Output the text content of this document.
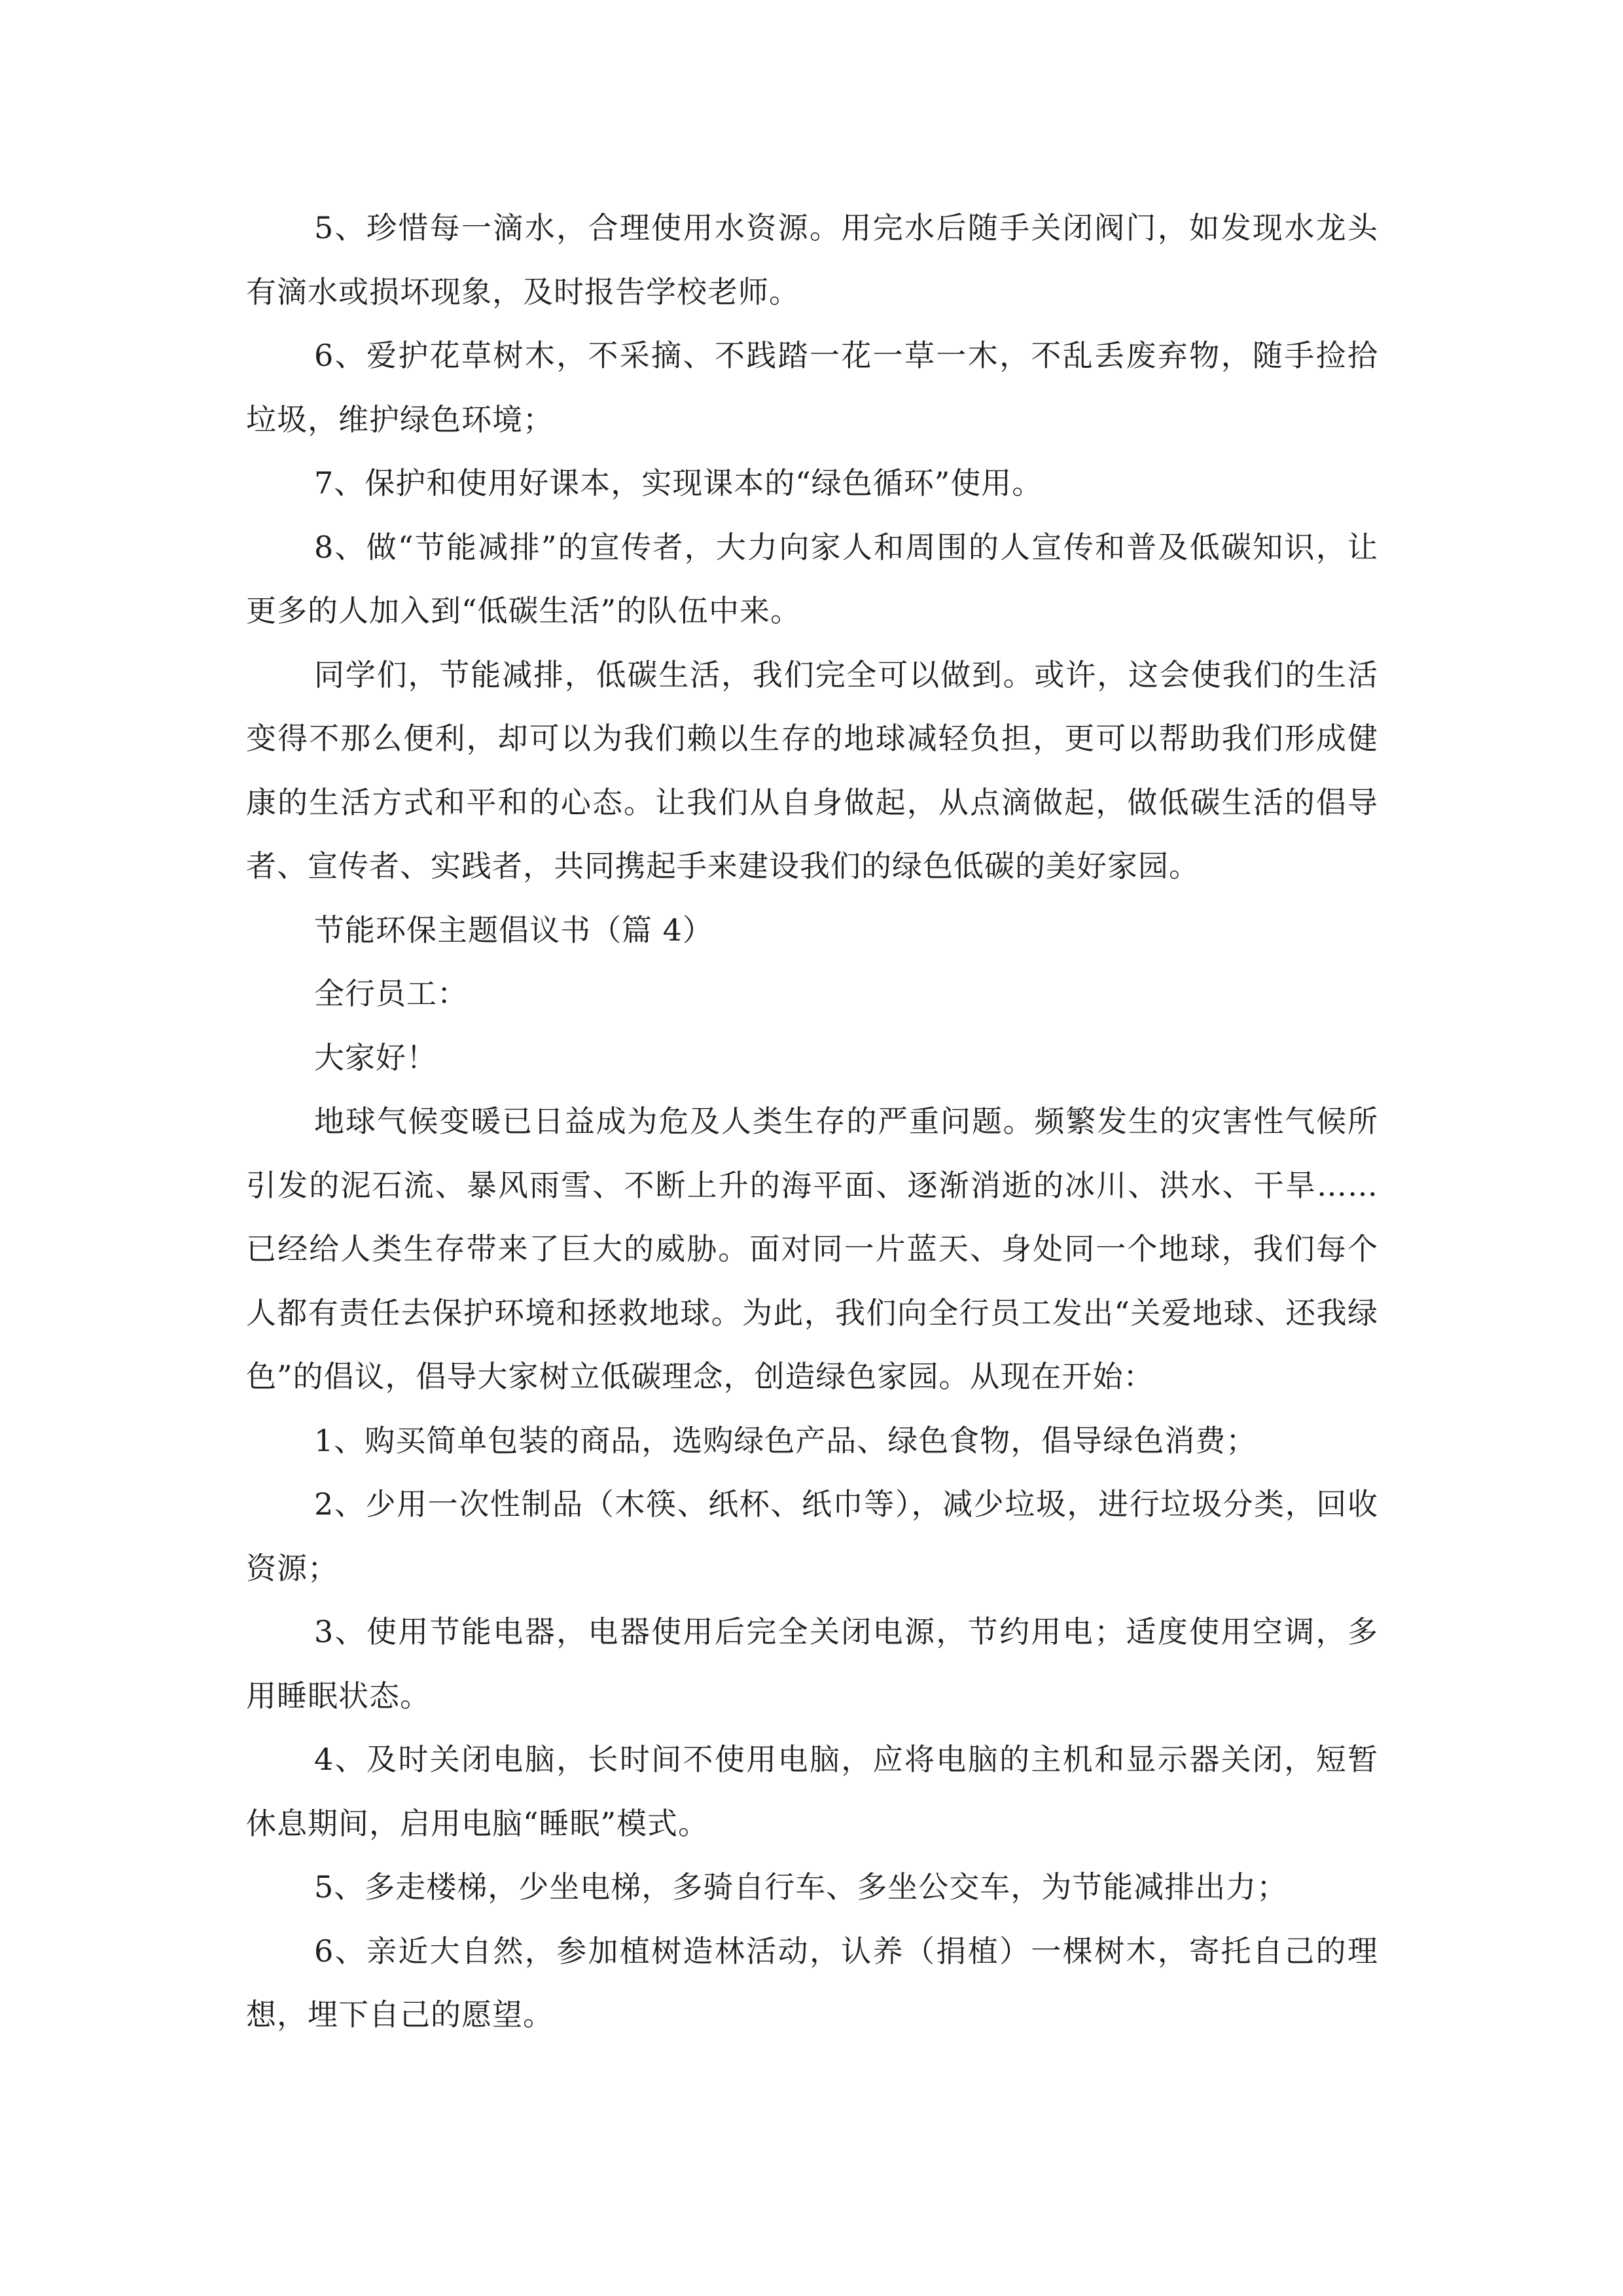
5、珍惜每一滴水，合理使用水资源。用完水后随手关闭阀门，如发现水龙头有滴水或损坏现象，及时报告学校老师。

6、爱护花草树木，不采摘、不践踏一花一草一木，不乱丢废弃物，随手捡拾垃圾，维护绿色环境；

7、保护和使用好课本，实现课本的“绿色循环”使用。

8、做“节能减排”的宣传者，大力向家人和周围的人宣传和普及低碳知识，让更多的人加入到“低碳生活”的队伍中来。

同学们，节能减排，低碳生活，我们完全可以做到。或许，这会使我们的生活变得不那么便利，却可以为我们赖以生存的地球减轻负担，更可以帮助我们形成健康的生活方式和平和的心态。让我们从自身做起，从点滴做起，做低碳生活的倡导者、宣传者、实践者，共同携起手来建设我们的绿色低碳的美好家园。

节能环保主题倡议书（篇 4）

全行员工：

大家好！

地球气候变暖已日益成为危及人类生存的严重问题。频繁发生的灾害性气候所引发的泥石流、暴风雨雪、不断上升的海平面、逐渐消逝的冰川、洪水、干旱……已经给人类生存带来了巨大的威胁。面对同一片蓝天、身处同一个地球，我们每个人都有责任去保护环境和拯救地球。为此，我们向全行员工发出“关爱地球、还我绿色”的倡议，倡导大家树立低碳理念，创造绿色家园。从现在开始：

1、购买简单包装的商品，选购绿色产品、绿色食物，倡导绿色消费；

2、少用一次性制品（木筷、纸杯、纸巾等），减少垃圾，进行垃圾分类，回收资源；

3、使用节能电器，电器使用后完全关闭电源，节约用电；适度使用空调，多用睡眠状态。

4、及时关闭电脑，长时间不使用电脑，应将电脑的主机和显示器关闭，短暂休息期间，启用电脑“睡眠”模式。

5、多走楼梯，少坐电梯，多骑自行车、多坐公交车，为节能减排出力；

6、亲近大自然，参加植树造林活动，认养（捐植）一棵树木，寄托自己的理想，埋下自己的愿望。
